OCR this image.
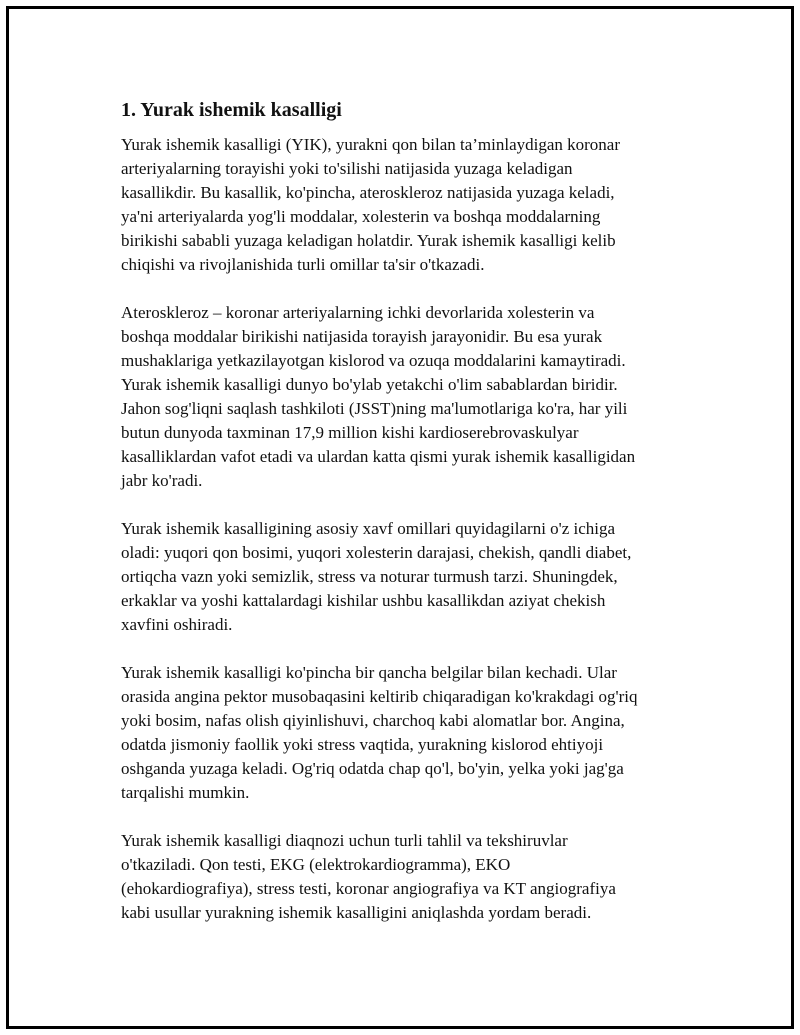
1. Yurak ishemik kasalligi

Yurak ishemik kasalligi (YIK), yurakni qon bilan ta’minlaydigan koronar
arteriyalarning torayishi yoki to'silishi natijasida yuzaga keladigan
kasallikdir. Bu kasallik, ko'pincha, ateroskleroz natijasida yuzaga keladi,
ya'ni arteriyalarda yog'li moddalar, xolesterin va boshqa moddalarning
birikishi sababli yuzaga keladigan holatdir. Yurak ishemik kasalligi kelib
chiqishi va rivojlanishida turli omillar ta'sir o'tkazadi.

Ateroskleroz – koronar arteriyalarning ichki devorlarida xolesterin va
boshqa moddalar birikishi natijasida torayish jarayonidir. Bu esa yurak
mushaklariga yetkazilayotgan kislorod va ozuqa moddalarini kamaytiradi.
Yurak ishemik kasalligi dunyo bo'ylab yetakchi o'lim sabablardan biridir.
Jahon sog'liqni saqlash tashkiloti (JSST)ning ma'lumotlariga ko'ra, har yili
butun dunyoda taxminan 17,9 million kishi kardioserebrovaskulyar
kasalliklardan vafot etadi va ulardan katta qismi yurak ishemik kasalligidan
jabr ko'radi.

Yurak ishemik kasalligining asosiy xavf omillari quyidagilarni o'z ichiga
oladi: yuqori qon bosimi, yuqori xolesterin darajasi, chekish, qandli diabet,
ortiqcha vazn yoki semizlik, stress va noturar turmush tarzi. Shuningdek,
erkaklar va yoshi kattalardagi kishilar ushbu kasallikdan aziyat chekish
xavfini oshiradi.

Yurak ishemik kasalligi ko'pincha bir qancha belgilar bilan kechadi. Ular
orasida angina pektor musobaqasini keltirib chiqaradigan ko'krakdagi og'riq
yoki bosim, nafas olish qiyinlishuvi, charchoq kabi alomatlar bor. Angina,
odatda jismoniy faollik yoki stress vaqtida, yurakning kislorod ehtiyoji
oshganda yuzaga keladi. Og'riq odatda chap qo'l, bo'yin, yelka yoki jag'ga
tarqalishi mumkin.

Yurak ishemik kasalligi diaqnozi uchun turli tahlil va tekshiruvlar
o'tkaziladi. Qon testi, EKG (elektrokardiogramma), EKO
(ehokardiografiya), stress testi, koronar angiografiya va KT angiografiya
kabi usullar yurakning ishemik kasalligini aniqlashda yordam beradi.
